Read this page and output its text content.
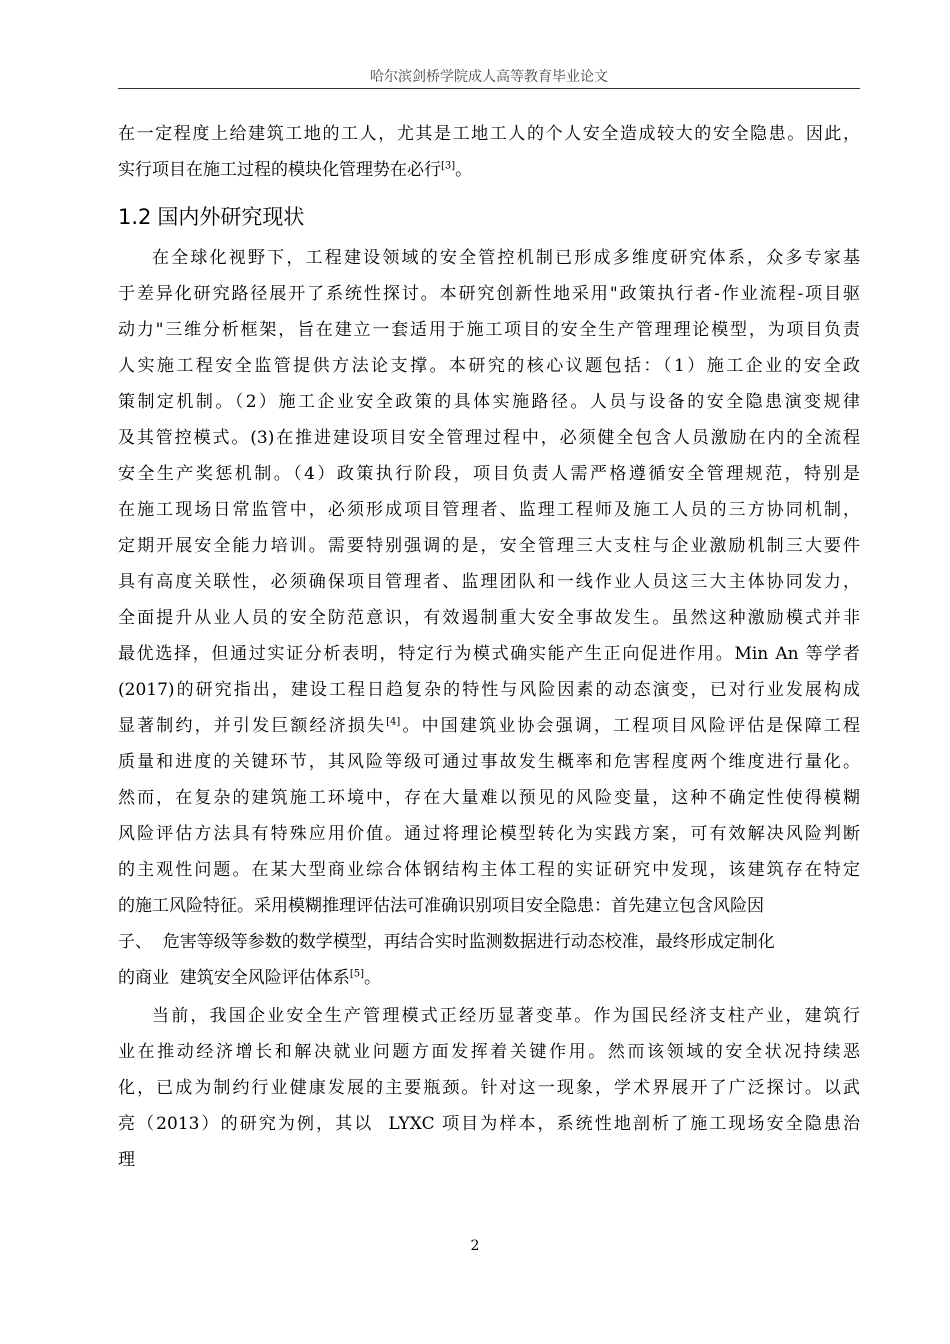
哈尔滨剑桥学院成人高等教育毕业论文
在一定程度上给建筑工地的工人，尤其是工地工人的个人安全造成较大的安全隐患。因此，
实行项目在施工过程的模块化管理势在必行[3]。
1.2 国内外研究现状
在全球化视野下，工程建设领域的安全管控机制已形成多维度研究体系，众多专家基
于差异化研究路径展开了系统性探讨。本研究创新性地采用"政策执行者-作业流程-项目驱
动力"三维分析框架，旨在建立一套适用于施工项目的安全生产管理理论模型，为项目负责
人实施工程安全监管提供方法论支撑。本研究的核心议题包括：（1）施工企业的安全政
策制定机制。（2）施工企业安全政策的具体实施路径。人员与设备的安全隐患演变规律
及其管控模式。(3)在推进建设项目安全管理过程中，必须健全包含人员激励在内的全流程
安全生产奖惩机制。（4）政策执行阶段，项目负责人需严格遵循安全管理规范，特别是
在施工现场日常监管中，必须形成项目管理者、监理工程师及施工人员的三方协同机制，
定期开展安全能力培训。需要特别强调的是，安全管理三大支柱与企业激励机制三大要件
具有高度关联性，必须确保项目管理者、监理团队和一线作业人员这三大主体协同发力，
全面提升从业人员的安全防范意识，有效遏制重大安全事故发生。虽然这种激励模式并非
最优选择，但通过实证分析表明，特定行为模式确实能产生正向促进作用。Min An 等学者
(2017)的研究指出，建设工程日趋复杂的特性与风险因素的动态演变，已对行业发展构成
显著制约，并引发巨额经济损失[4]。中国建筑业协会强调，工程项目风险评估是保障工程
质量和进度的关键环节，其风险等级可通过事故发生概率和危害程度两个维度进行量化。
然而，在复杂的建筑施工环境中，存在大量难以预见的风险变量，这种不确定性使得模糊
风险评估方法具有特殊应用价值。通过将理论模型转化为实践方案，可有效解决风险判断
的主观性问题。在某大型商业综合体钢结构主体工程的实证研究中发现，该建筑存在特定
的施工风险特征。采用模糊推理评估法可准确识别项目安全隐患：首先建立包含风险因
子、  危害等级等参数的数学模型，再结合实时监测数据进行动态校准，最终形成定制化
的商业  建筑安全风险评估体系[5]。
当前，我国企业安全生产管理模式正经历显著变革。作为国民经济支柱产业，建筑行
业在推动经济增长和解决就业问题方面发挥着关键作用。然而该领域的安全状况持续恶
化，已成为制约行业健康发展的主要瓶颈。针对这一现象，学术界展开了广泛探讨。以武
亮（2013）的研究为例，其以  LYXC 项目为样本，系统性地剖析了施工现场安全隐患治
理
2
